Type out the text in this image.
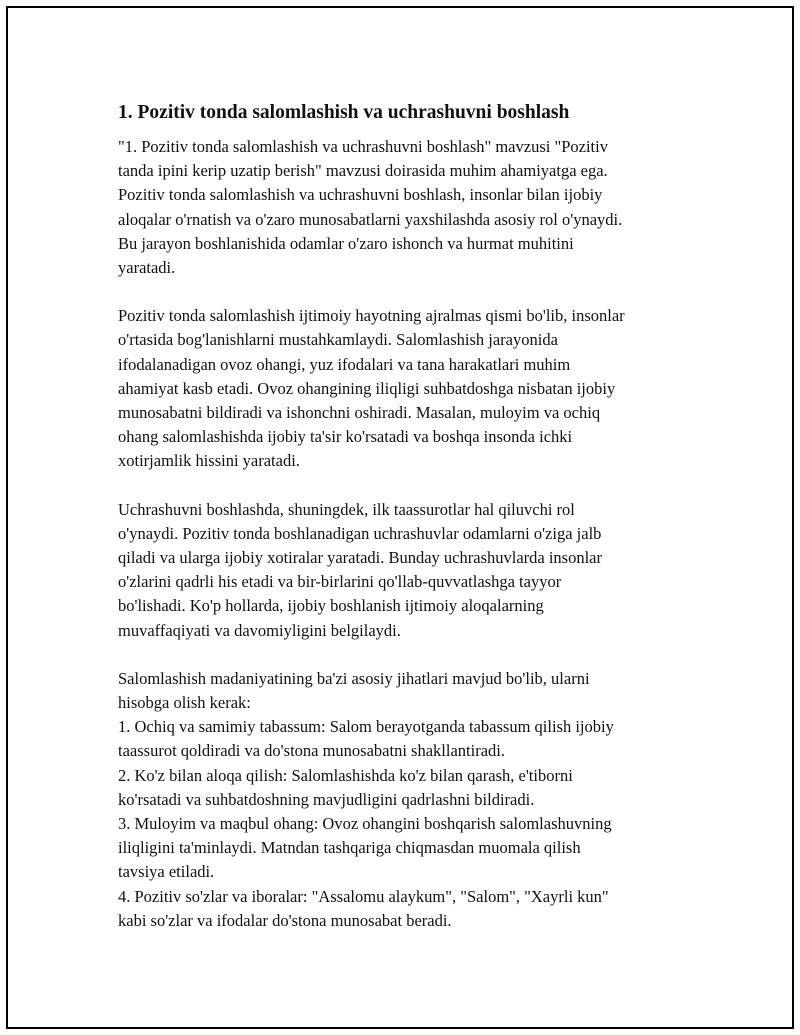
1. Pozitiv tonda salomlashish va uchrashuvni boshlash

"1. Pozitiv tonda salomlashish va uchrashuvni boshlash" mavzusi "Pozitiv
tanda ipini kerip uzatip berish" mavzusi doirasida muhim ahamiyatga ega.
Pozitiv tonda salomlashish va uchrashuvni boshlash, insonlar bilan ijobiy
aloqalar o'rnatish va o'zaro munosabatlarni yaxshilashda asosiy rol o'ynaydi.
Bu jarayon boshlanishida odamlar o'zaro ishonch va hurmat muhitini
yaratadi.

Pozitiv tonda salomlashish ijtimoiy hayotning ajralmas qismi bo'lib, insonlar
o'rtasida bog'lanishlarni mustahkamlaydi. Salomlashish jarayonida
ifodalanadigan ovoz ohangi, yuz ifodalari va tana harakatlari muhim
ahamiyat kasb etadi. Ovoz ohangining iliqligi suhbatdoshga nisbatan ijobiy
munosabatni bildiradi va ishonchni oshiradi. Masalan, muloyim va ochiq
ohang salomlashishda ijobiy ta'sir ko'rsatadi va boshqa insonda ichki
xotirjamlik hissini yaratadi.

Uchrashuvni boshlashda, shuningdek, ilk taassurotlar hal qiluvchi rol
o'ynaydi. Pozitiv tonda boshlanadigan uchrashuvlar odamlarni o'ziga jalb
qiladi va ularga ijobiy xotiralar yaratadi. Bunday uchrashuvlarda insonlar
o'zlarini qadrli his etadi va bir-birlarini qo'llab-quvvatlashga tayyor
bo'lishadi. Ko'p hollarda, ijobiy boshlanish ijtimoiy aloqalarning
muvaffaqiyati va davomiyligini belgilaydi.

Salomlashish madaniyatining ba'zi asosiy jihatlari mavjud bo'lib, ularni
hisobga olish kerak:
1. Ochiq va samimiy tabassum: Salom berayotganda tabassum qilish ijobiy
taassurot qoldiradi va do'stona munosabatni shakllantiradi.
2. Ko'z bilan aloqa qilish: Salomlashishda ko'z bilan qarash, e'tiborni
ko'rsatadi va suhbatdoshning mavjudligini qadrlashni bildiradi.
3. Muloyim va maqbul ohang: Ovoz ohangini boshqarish salomlashuvning
iliqligini ta'minlaydi. Matndan tashqariga chiqmasdan muomala qilish
tavsiya etiladi.
4. Pozitiv so'zlar va iboralar: "Assalomu alaykum", "Salom", "Xayrli kun"
kabi so'zlar va ifodalar do'stona munosabat beradi.
